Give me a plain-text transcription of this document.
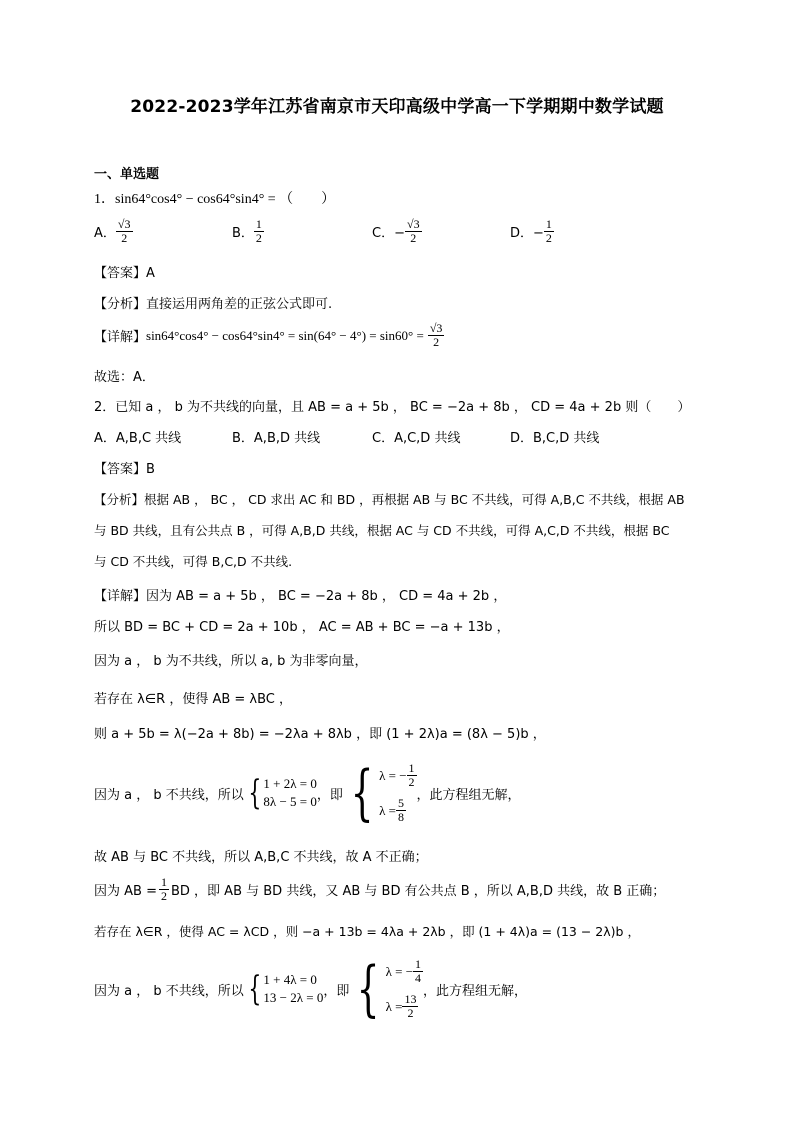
2022-2023学年江苏省南京市天印高级中学高一下学期期中数学试题
一、单选题
1．sin64°cos4° − cos64°sin4° = （　　）
A． $\frac{√3}{2}$	B． $\frac{1}{2}$	C．− $\frac{√3}{2}$	D．− $\frac{1}{2}$
【答案】A
【分析】直接运用两角差的正弦公式即可.
【详解】 $\sin 64^\circ\cos 4^\circ - \cos 64^\circ\sin 4^\circ = \sin(64^\circ - 4^\circ) = \sin 60^\circ = \frac{√3}{2}$
故选：A．
2．已知 a ， b 为不共线的向量，且 AB = a + 5b ， BC = −2a + 8b ， CD = 4a + 2b 则（　　）
A．A,B,C 共线	B．A,B,D 共线	C．A,C,D 共线	D．B,C,D 共线
【答案】B
【分析】根据 AB ， BC ， CD 求出 AC 和 BD ，再根据 AB 与 BC 不共线，可得 A,B,C 不共线，根据 AB
与 BD 共线，且有公共点 B ，可得 A,B,D 共线，根据 AC 与 CD 不共线，可得 A,C,D 不共线，根据 BC
与 CD 不共线，可得 B,C,D 不共线.
【详解】因为 AB = a + 5b ， BC = −2a + 8b ， CD = 4a + 2b ，
所以 BD = BC + CD = 2a + 10b ， AC = AB + BC = −a + 13b ，
因为 a ， b 为不共线，所以 a, b 为非零向量，
若存在 λ∈R ，使得 AB = λBC ，
则 a + 5b = λ(−2a + 8b) = −2λa + 8λb ，即 (1 + 2λ)a = (8λ − 5)b ，
因为 a ， b 不共线，所以 { 1 + 2λ = 0
8λ − 5 = 0 ，即 { λ = − $\frac{1}{2}$
$\lambda = \frac{5}{8}$
，此方程组无解，
故 AB 与 BC 不共线，所以 A,B,C 不共线，故 A 不正确；
因为 AB = $\frac{1}{2}$ BD ，即 AB 与 BD 共线，又 AB 与 BD 有公共点 B ，所以 A,B,D 共线，故 B 正确；
若存在 λ∈R ，使得 AC = λCD ，则 −a + 13b = 4λa + 2λb ，即 (1 + 4λ)a = (13 − 2λ)b ，
因为 a ， b 不共线，所以 { 1 + 4λ = 0
13 − 2λ = 0 ，即 { λ = − $\frac{1}{4}$
$\lambda = \frac{13}{2}$
，此方程组无解，
